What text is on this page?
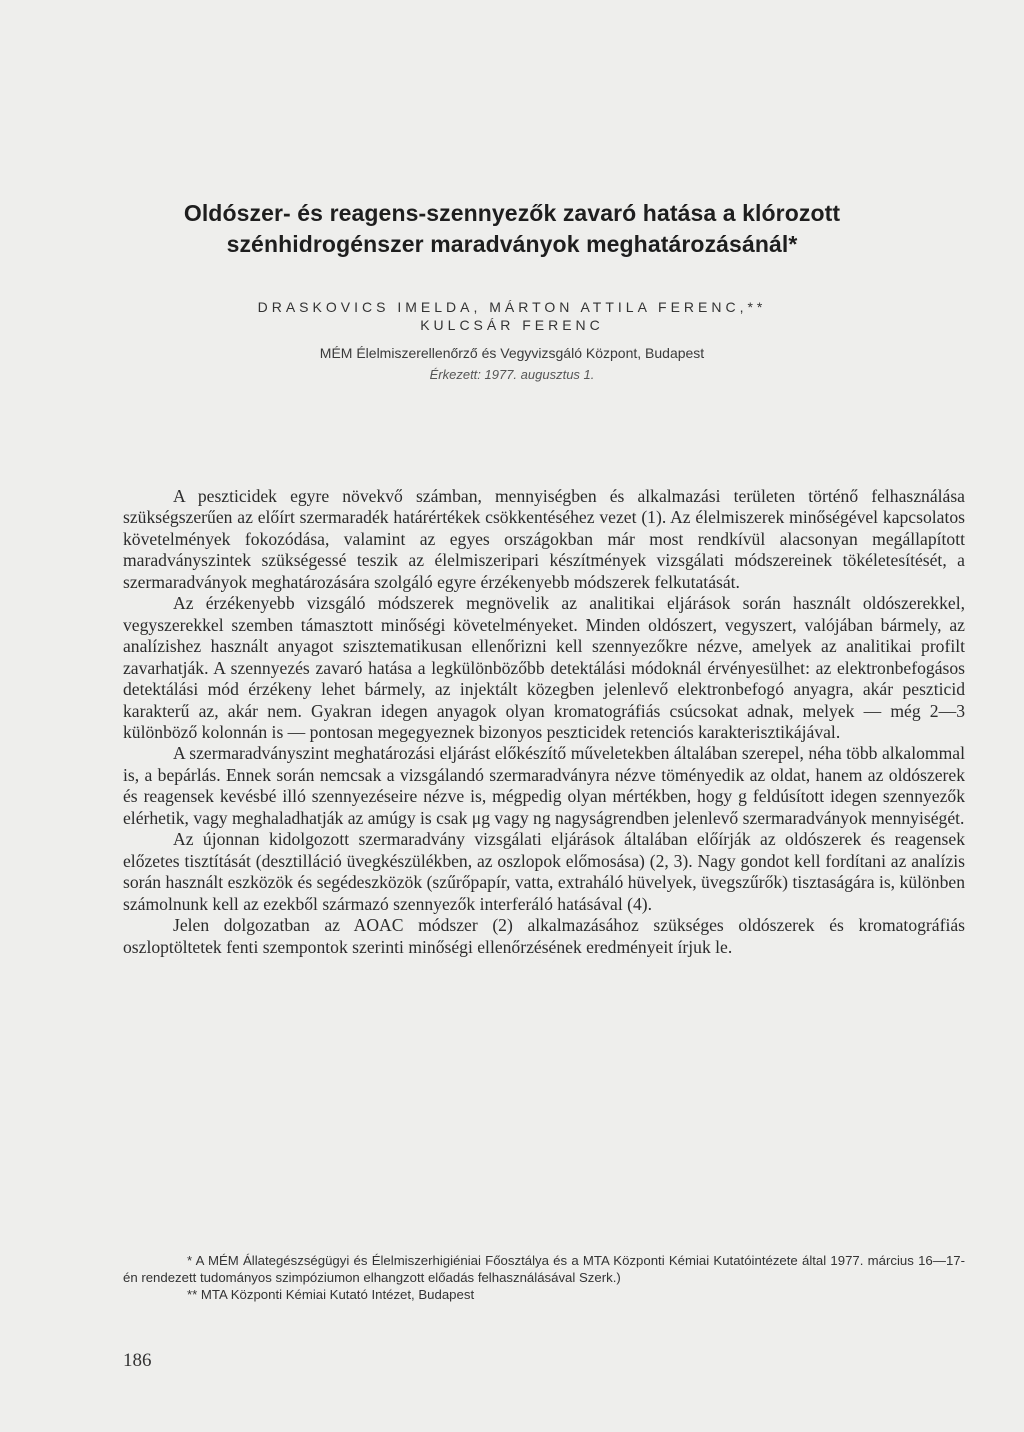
Oldószer- és reagens-szennyezők zavaró hatása a klórozott
szénhidrogénszer maradványok meghatározásánál*
DRASKOVICS IMELDA, MÁRTON ATTILA FERENC,**
KULCSÁR FERENC
MÉM Élelmiszerellenőrző és Vegyvizsgáló Központ, Budapest
Érkezett: 1977. augusztus 1.

A peszticidek egyre növekvő számban, mennyiségben és alkalmazási területen történő felhasználása szükségszerűen az előírt szermaradék határértékek csökkentéséhez vezet (1). Az élelmiszerek minőségével kapcsolatos követelmények fokozódása, valamint az egyes országokban már most rendkívül alacsonyan megállapított maradványszintek szükségessé teszik az élelmiszeripari készítmények vizsgálati módszereinek tökéletesítését, a szermaradványok meghatározására szolgáló egyre érzékenyebb módszerek felkutatását.

Az érzékenyebb vizsgáló módszerek megnövelik az analitikai eljárások során használt oldószerekkel, vegyszerekkel szemben támasztott minőségi követelményeket. Minden oldószert, vegyszert, valójában bármely, az analízishez használt anyagot szisztematikusan ellenőrizni kell szennyezőkre nézve, amelyek az analitikai profilt zavarhatják. A szennyezés zavaró hatása a legkülönbözőbb detektálási módoknál érvényesülhet: az elektronbefogásos detektálási mód érzékeny lehet bármely, az injektált közegben jelenlevő elektronbefogó anyagra, akár peszticid karakterű az, akár nem. Gyakran idegen anyagok olyan kromatográfiás csúcsokat adnak, melyek — még 2—3 különböző kolonnán is — pontosan megegyeznek bizonyos peszticidek retenciós karakterisztikájával.

A szermaradványszint meghatározási eljárást előkészítő műveletekben általában szerepel, néha több alkalommal is, a bepárlás. Ennek során nemcsak a vizsgálandó szermaradványra nézve töményedik az oldat, hanem az oldószerek és reagensek kevésbé illó szennyezéseire nézve is, mégpedig olyan mértékben, hogy g feldúsított idegen szennyezők elérhetik, vagy meghaladhatják az amúgy is csak μg vagy ng nagyságrendben jelenlevő szermaradványok mennyiségét.

Az újonnan kidolgozott szermaradvány vizsgálati eljárások általában előírják az oldószerek és reagensek előzetes tisztítását (desztilláció üvegkészülékben, az oszlopok előmosása) (2, 3). Nagy gondot kell fordítani az analízis során használt eszközök és segédeszközök (szűrőpapír, vatta, extraháló hüvelyek, üvegszűrők) tisztaságára is, különben számolnunk kell az ezekből származó szennyezők interferáló hatásával (4).

Jelen dolgozatban az AOAC módszer (2) alkalmazásához szükséges oldószerek és kromatográfiás oszloptöltetek fenti szempontok szerinti minőségi ellenőrzésének eredményeit írjuk le.

* A MÉM Állategészségügyi és Élelmiszerhigiéniai Főosztálya és a MTA Központi Kémiai Kutatóintézete által 1977. március 16—17-én rendezett tudományos szimpóziumon elhangzott előadás felhasználásával Szerk.)

** MTA Központi Kémiai Kutató Intézet, Budapest

186
